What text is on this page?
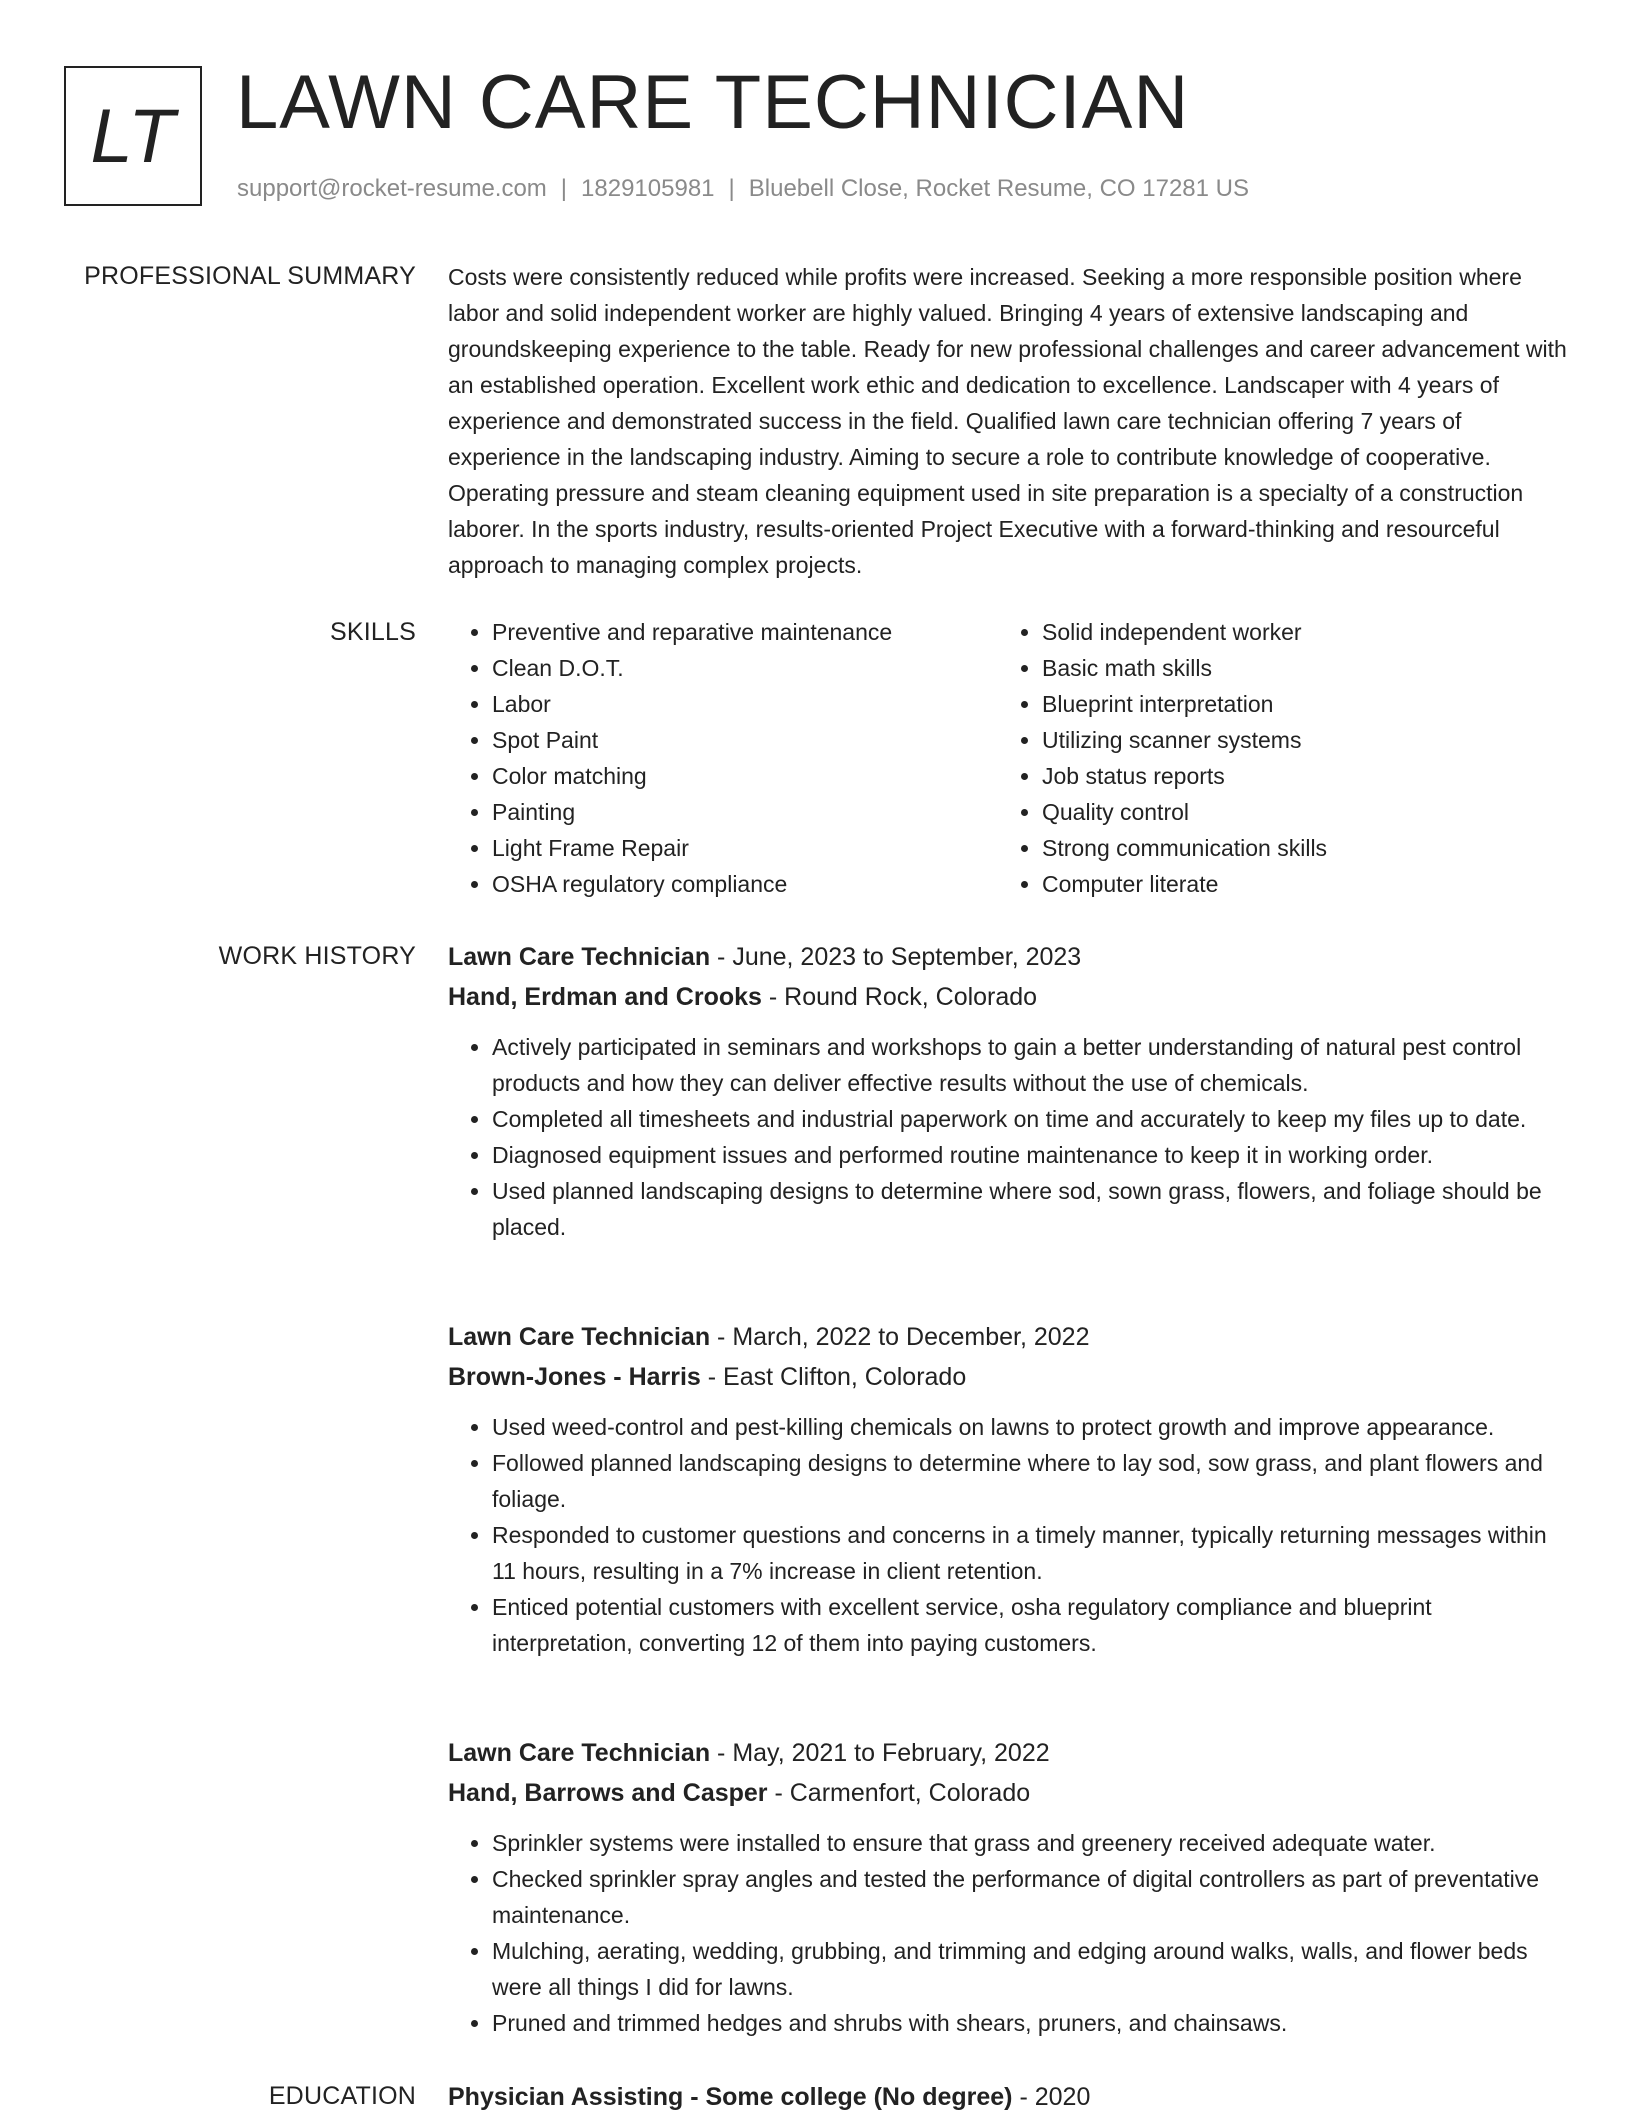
LT LAWN CARE TECHNICIAN
support@rocket-resume.com | 1829105981 | Bluebell Close, Rocket Resume, CO 17281 US
PROFESSIONAL SUMMARY Costs were consistently reduced while profits were increased. Seeking a more responsible position where labor and solid independent worker are highly valued. Bringing 4 years of extensive landscaping and groundskeeping experience to the table. Ready for new professional challenges and career advancement with an established operation. Excellent work ethic and dedication to excellence. Landscaper with 4 years of experience and demonstrated success in the field. Qualified lawn care technician offering 7 years of experience in the landscaping industry. Aiming to secure a role to contribute knowledge of cooperative. Operating pressure and steam cleaning equipment used in site preparation is a specialty of a construction laborer. In the sports industry, results-oriented Project Executive with a forward-thinking and resourceful approach to managing complex projects.
SKILLS
•	Preventive and reparative maintenance
• Clean D.O.T.
• Labor
• Spot Paint
• Color matching
• Painting
• Light Frame Repair
• OSHA regulatory compliance
• Solid independent worker
• Basic math skills
• Blueprint interpretation
• Utilizing scanner systems
• Job status reports
• Quality control
• Strong communication skills
• Computer literate
WORK HISTORY Lawn Care Technician - June, 2023 to September, 2023
Hand, Erdman and Crooks - Round Rock, Colorado
• Actively participated in seminars and workshops to gain a better understanding of natural pest control products and how they can deliver effective results without the use of chemicals.
• Completed all timesheets and industrial paperwork on time and accurately to keep my files up to date.
• Diagnosed equipment issues and performed routine maintenance to keep it in working order.
• Used planned landscaping designs to determine where sod, sown grass, flowers, and foliage should be placed.
Lawn Care Technician - March, 2022 to December, 2022
Brown-Jones - Harris - East Clifton, Colorado
• Used weed-control and pest-killing chemicals on lawns to protect growth and improve appearance.
• Followed planned landscaping designs to determine where to lay sod, sow grass, and plant flowers and foliage.
• Responded to customer questions and concerns in a timely manner, typically returning messages within 11 hours, resulting in a 7% increase in client retention.
• Enticed potential customers with excellent service, osha regulatory compliance and blueprint interpretation, converting 12 of them into paying customers.
Lawn Care Technician - May, 2021 to February, 2022
Hand, Barrows and Casper - Carmenfort, Colorado
• Sprinkler systems were installed to ensure that grass and greenery received adequate water.
• Checked sprinkler spray angles and tested the performance of digital controllers as part of preventative maintenance.
• Mulching, aerating, wedding, grubbing, and trimming and edging around walks, walls, and flower beds were all things I did for lawns.
• Pruned and trimmed hedges and shrubs with shears, pruners, and chainsaws.
EDUCATION Physician Assisting - Some college (No degree) - 2020
